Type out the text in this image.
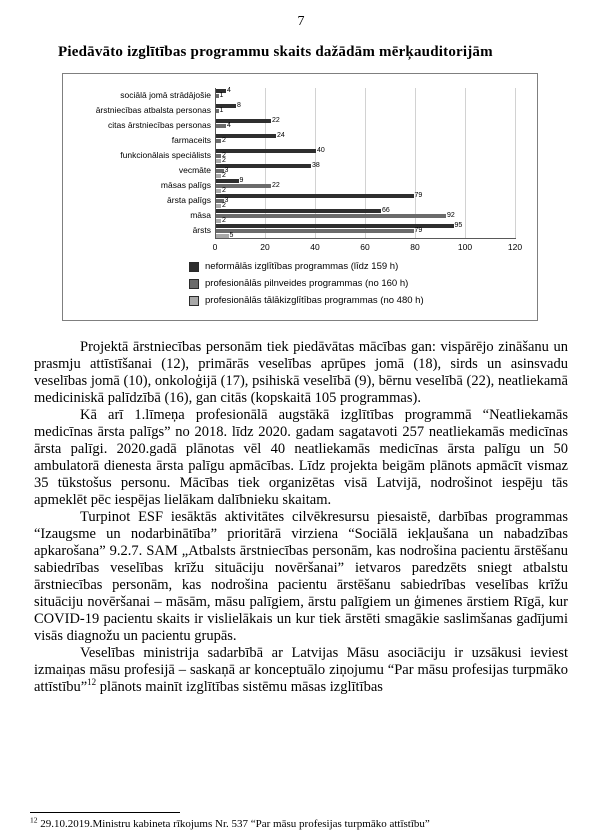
7
Piedāvāto izglītības programmu skaits dažādām mērķauditorijām
sociālā jomā strādājošie
ārstniecības atbalsta personas
citas ārstniecības personas
farmaceits
funkcionālais speciālists
vecmāte
māsas palīgs
ārsta palīgs
māsa
ārsts
4
1
8
1
22
4
24
2
40
2
2
38
3
2
9
22
2
79
3
2
66
92
2
95
79
5
0	20	40	60	80	100	120
neformālās izglītības programmas (līdz 159 h)
profesionālās pilnveides programmas (no 160 h)
profesionālās tālākizglītības programmas (no 480 h)

Projektā ārstniecības personām tiek piedāvātas mācības gan: vispārējo zināšanu un prasmju attīstīšanai (12), primārās veselības aprūpes jomā (18), sirds un asinsvadu veselības jomā (10), onkoloģijā (17), psihiskā veselībā (9), bērnu veselībā (22), neatliekamā mediciniskā palīdzībā (16), gan citās (kopskaitā 105 programmas).

Kā arī 1.līmeņa profesionālā augstākā izglītības programmā “Neatliekamās medicīnas ārsta palīgs” no 2018. līdz 2020. gadam sagatavoti 257 neatliekamās medicīnas ārsta palīgi. 2020.gadā plānotas vēl 40 neatliekamās medicīnas ārsta palīgu un 50 ambulatorā dienesta ārsta palīgu apmācības. Līdz projekta beigām plānots apmācīt vismaz 35 tūkstošus personu. Mācības tiek organizētas visā Latvijā, nodrošinot iespēju tās apmeklēt pēc iespējas lielākam dalībnieku skaitam.

Turpinot ESF iesāktās aktivitātes cilvēkresursu piesaistē, darbības programmas “Izaugsme un nodarbinātība” prioritārā virziena “Sociālā iekļaušana un nabadzības apkarošana” 9.2.7. SAM „Atbalsts ārstniecības personām, kas nodrošina pacientu ārstēšanu sabiedrības veselības krīžu situāciju novēršanai” ietvaros paredzēts sniegt atbalstu ārstniecības personām, kas nodrošina pacientu ārstēšanu sabiedrības veselības krīžu situāciju novēršanai – māsām, māsu palīgiem, ārstu palīgiem un ģimenes ārstiem Rīgā, kur COVID-19 pacientu skaits ir vislielākais un kur tiek ārstēti smagākie saslimšanas gadījumi visās diagnožu un pacientu grupās.

Veselības ministrija sadarbībā ar Latvijas Māsu asociāciju ir uzsākusi ieviest izmaiņas māsu profesijā – saskaņā ar konceptuālo ziņojumu “Par māsu profesijas turpmāko attīstību”$^{12}$ plānots mainīt izglītības sistēmu māsas izglītības

$^{12}$ 29.10.2019.Ministru kabineta rīkojums Nr. 537 “Par māsu profesijas turpmāko attīstību”
